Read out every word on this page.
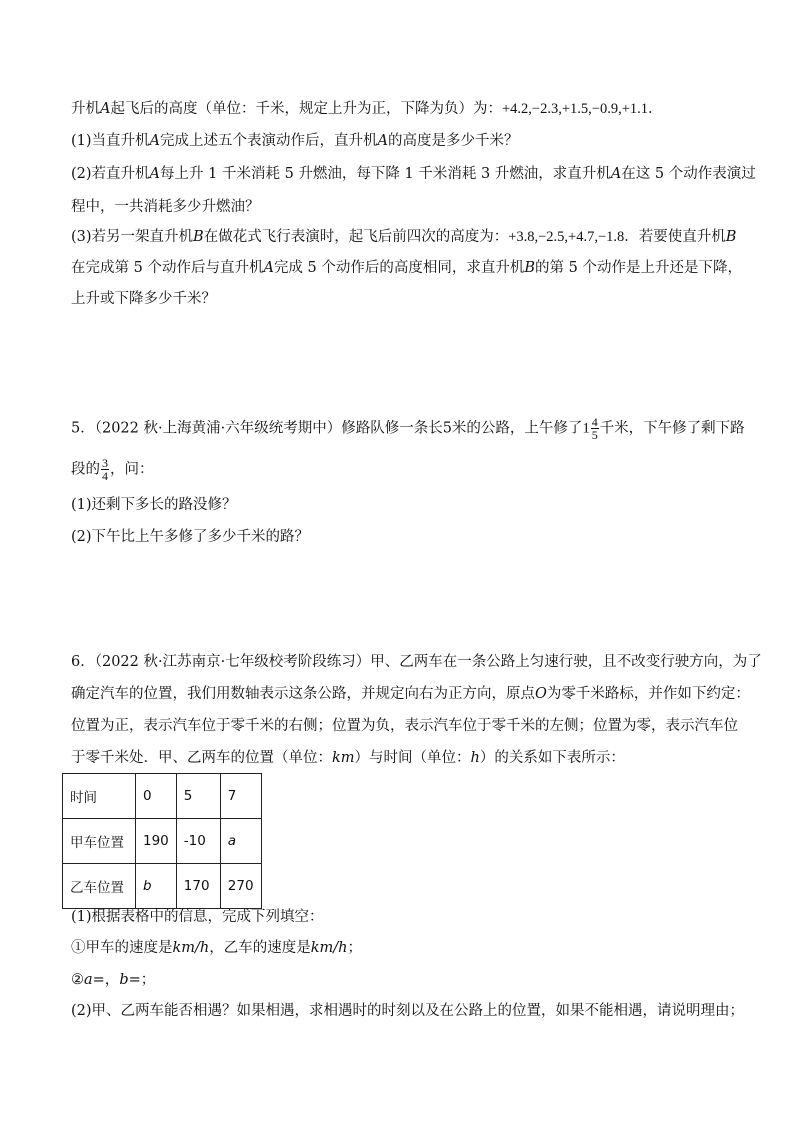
升机A起飞后的高度（单位：千米，规定上升为正，下降为负）为：+4.2,−2.3,+1.5,−0.9,+1.1．
(1)当直升机A完成上述五个表演动作后，直升机A的高度是多少千米？
(2)若直升机A每上升 1 千米消耗 5 升燃油，每下降 1 千米消耗 3 升燃油，求直升机A在这 5 个动作表演过
程中，一共消耗多少升燃油？
(3)若另一架直升机B在做花式飞行表演时，起飞后前四次的高度为：+3.8,−2.5,+4.7,−1.8．若要使直升机B
在完成第 5 个动作后与直升机A完成 5 个动作后的高度相同，求直升机B的第 5 个动作是上升还是下降，
上升或下降多少千米？
5．（2022 秋·上海黄浦·六年级统考期中）修路队修一条长5米的公路，上午修了$1 \frac{4}{5}$ 千米，下午修了剩下路
段的 $\frac{3}{4}$ ，问：
(1)还剩下多长的路没修？
(2)下午比上午多修了多少千米的路？
6．（2022 秋·江苏南京·七年级校考阶段练习）甲、乙两车在一条公路上匀速行驶，且不改变行驶方向，为了
确定汽车的位置，我们用数轴表示这条公路，并规定向右为正方向，原点O为零千米路标，并作如下约定：
位置为正，表示汽车位于零千米的右侧；位置为负，表示汽车位于零千米的左侧；位置为零，表示汽车位
于零千米处．甲、乙两车的位置（单位：km）与时间（单位：h）的关系如下表所示：
时间	0	5	7
甲车位置	190	-10	a
乙车位置	b	170	270
(1)根据表格中的信息，完成下列填空：
①甲车的速度是km/h，乙车的速度是km/h；
②a=，b=；
(2)甲、乙两车能否相遇？如果相遇，求相遇时的时刻以及在公路上的位置，如果不能相遇，请说明理由；
